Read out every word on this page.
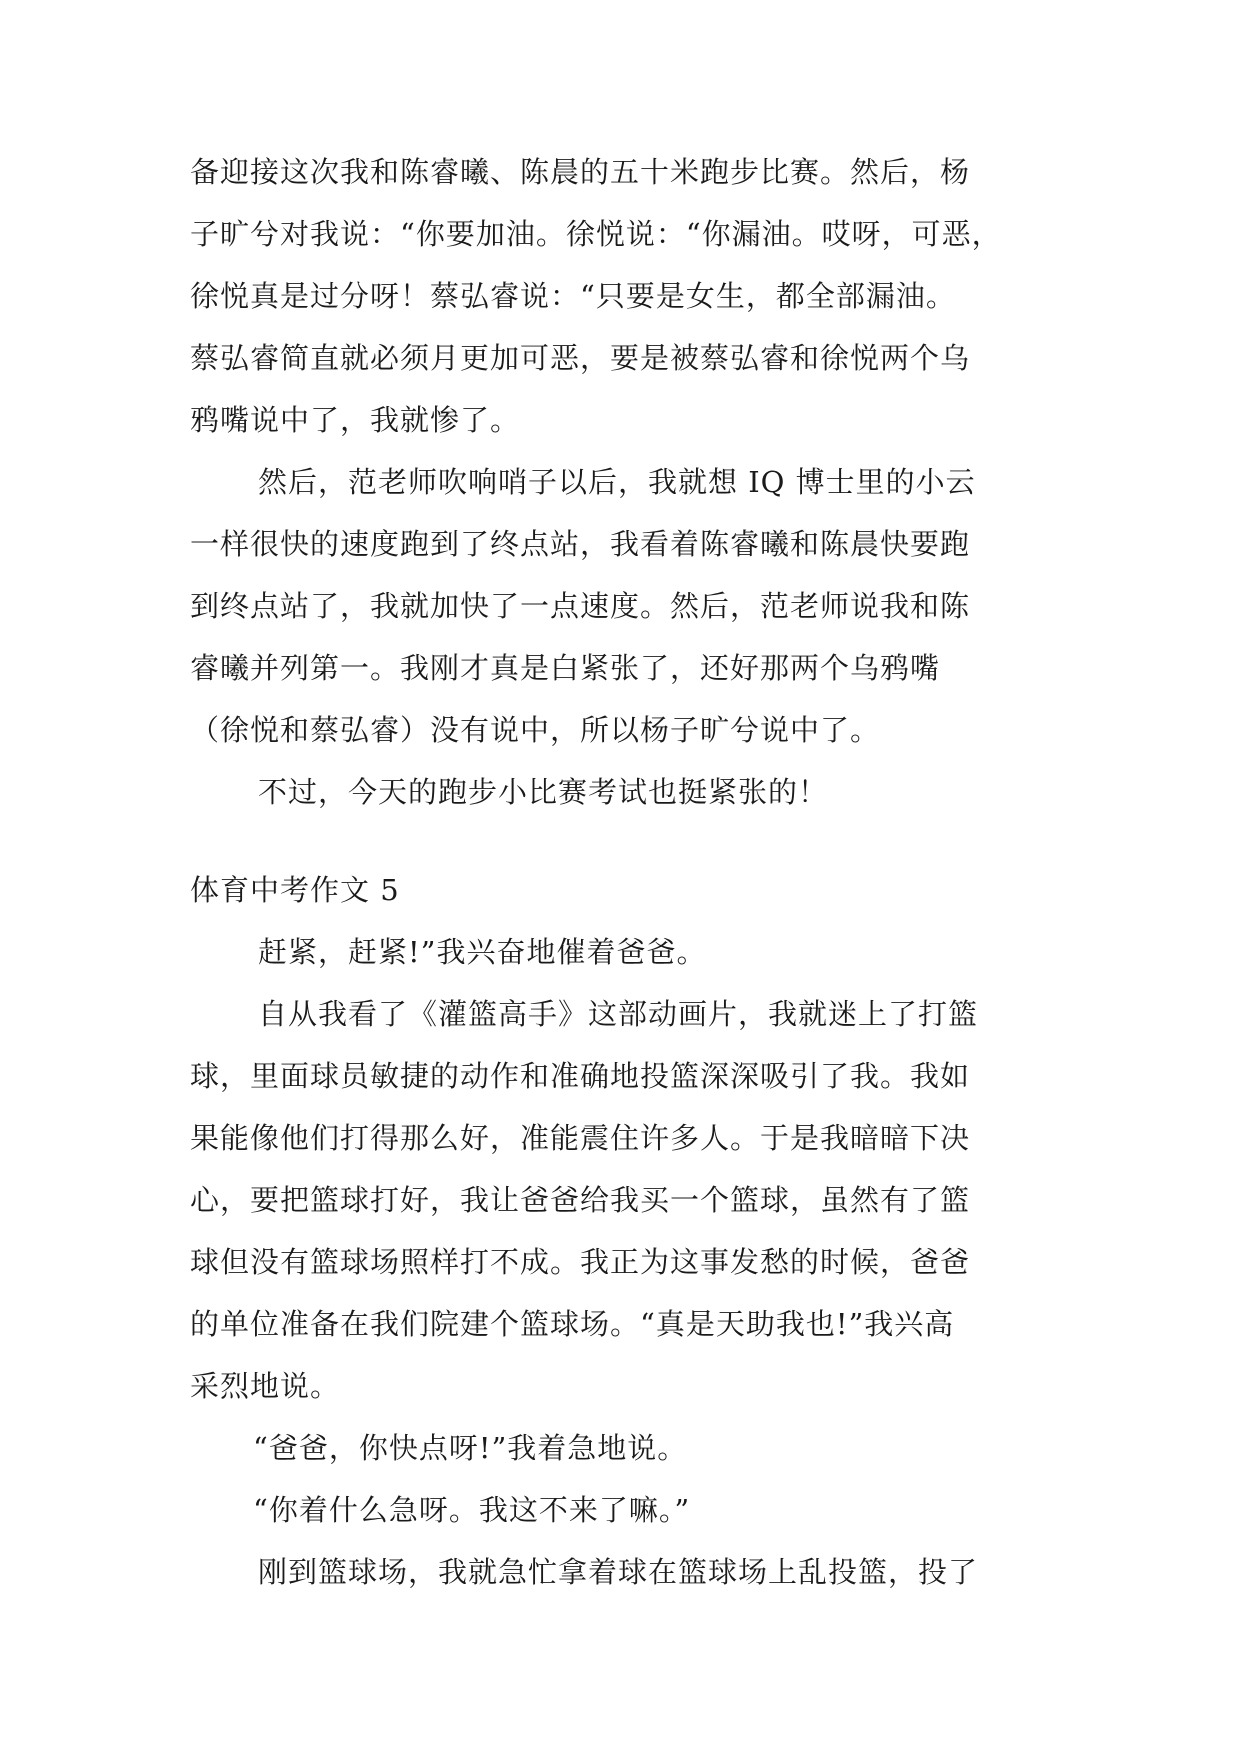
备迎接这次我和陈睿曦、陈晨的五十米跑步比赛。然后，杨
子旷兮对我说：“你要加油。徐悦说：“你漏油。哎呀，可恶，
徐悦真是过分呀！蔡弘睿说：“只要是女生，都全部漏油。
蔡弘睿简直就必须月更加可恶，要是被蔡弘睿和徐悦两个乌
鸦嘴说中了，我就惨了。
然后，范老师吹响哨子以后，我就想 IQ 博士里的小云
一样很快的速度跑到了终点站，我看着陈睿曦和陈晨快要跑
到终点站了，我就加快了一点速度。然后，范老师说我和陈
睿曦并列第一。我刚才真是白紧张了，还好那两个乌鸦嘴
（徐悦和蔡弘睿）没有说中，所以杨子旷兮说中了。
不过，今天的跑步小比赛考试也挺紧张的！
体育中考作文 5
赶紧，赶紧!”我兴奋地催着爸爸。
自从我看了《灌篮高手》这部动画片，我就迷上了打篮
球，里面球员敏捷的动作和准确地投篮深深吸引了我。我如
果能像他们打得那么好，准能震住许多人。于是我暗暗下决
心，要把篮球打好，我让爸爸给我买一个篮球，虽然有了篮
球但没有篮球场照样打不成。我正为这事发愁的时候，爸爸
的单位准备在我们院建个篮球场。“真是天助我也!”我兴高
采烈地说。
“爸爸，你快点呀!”我着急地说。
“你着什么急呀。我这不来了嘛。”
刚到篮球场，我就急忙拿着球在篮球场上乱投篮，投了
